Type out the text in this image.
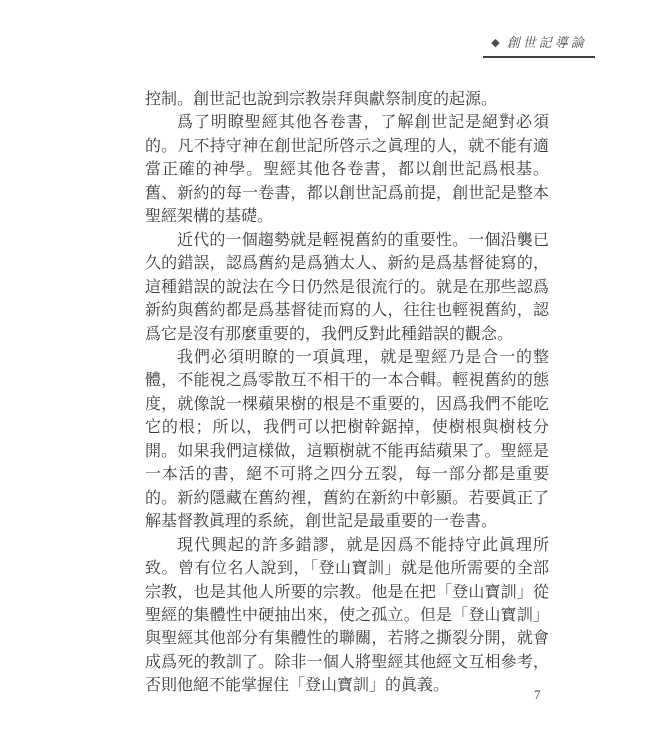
◆ 創世記導論

控制。創世記也說到宗教崇拜與獻祭制度的起源。

爲了明瞭聖經其他各卷書，了解創世記是絕對必須的。凡不持守神在創世記所啓示之眞理的人，就不能有適當正確的神學。聖經其他各卷書，都以創世記爲根基。舊、新約的每一卷書，都以創世記爲前提，創世記是整本聖經架構的基礎。

近代的一個趨勢就是輕視舊約的重要性。一個沿襲已久的錯誤，認爲舊約是爲猶太人、新約是爲基督徒寫的，這種錯誤的說法在今日仍然是很流行的。就是在那些認爲新約與舊約都是爲基督徒而寫的人，往往也輕視舊約，認爲它是沒有那麼重要的，我們反對此種錯誤的觀念。

我們必須明瞭的一項眞理，就是聖經乃是合一的整體，不能視之爲零散互不相干的一本合輯。輕視舊約的態度，就像說一棵蘋果樹的根是不重要的，因爲我們不能吃它的根；所以，我們可以把樹幹鋸掉，使樹根與樹枝分開。如果我們這樣做，這顆樹就不能再結蘋果了。聖經是一本活的書，絕不可將之四分五裂，每一部分都是重要的。新約隱藏在舊約裡，舊約在新約中彰顯。若要眞正了解基督教眞理的系統，創世記是最重要的一卷書。

現代興起的許多錯謬，就是因爲不能持守此眞理所致。曾有位名人說到，「登山寶訓」就是他所需要的全部宗教，也是其他人所要的宗教。他是在把「登山寶訓」從聖經的集體性中硬抽出來，使之孤立。但是「登山寶訓」與聖經其他部分有集體性的聯關，若將之撕裂分開，就會成爲死的教訓了。除非一個人將聖經其他經文互相參考，否則他絕不能掌握住「登山寶訓」的眞義。

7
